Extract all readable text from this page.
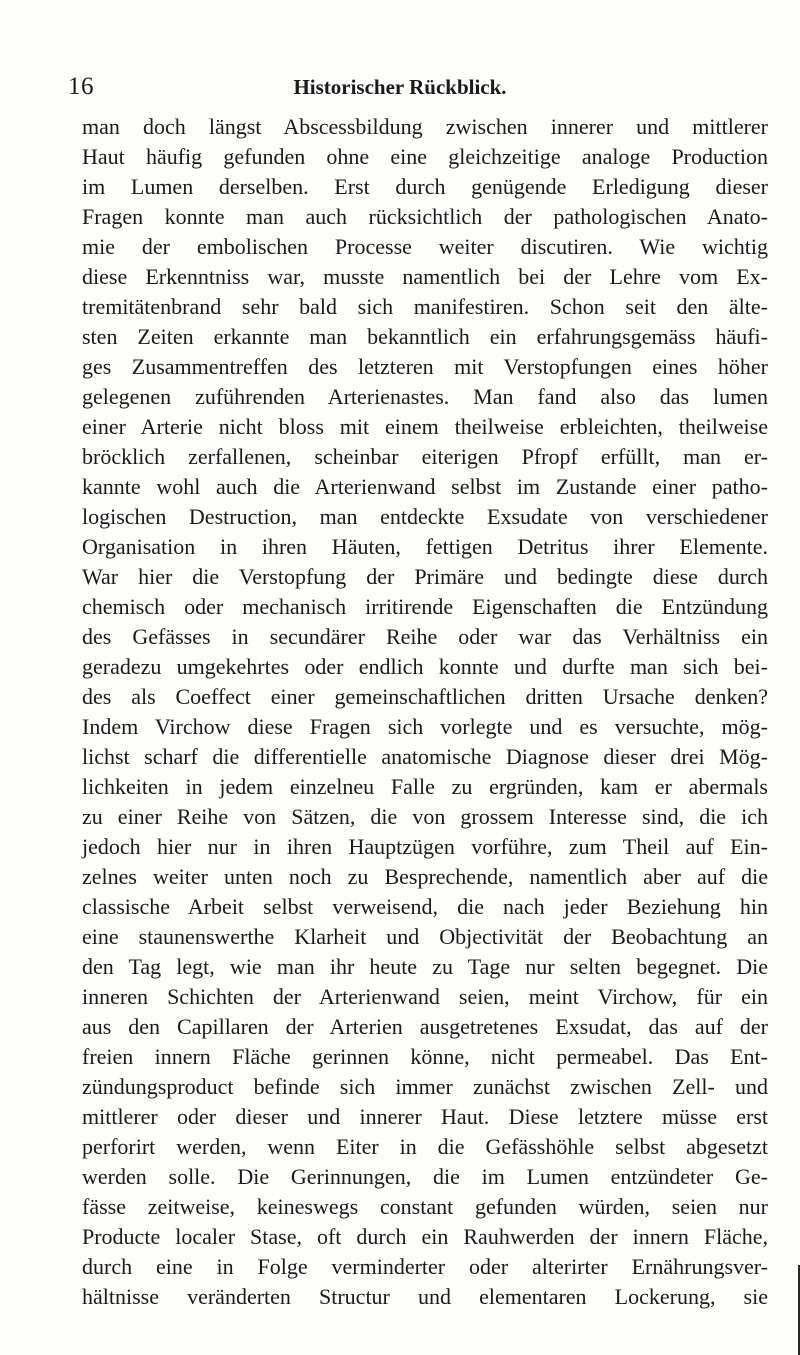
16	Historischer Rückblick.
man doch längst Abscessbildung zwischen innerer und mittlerer
Haut häufig gefunden ohne eine gleichzeitige analoge Production
im Lumen derselben. Erst durch genügende Erledigung dieser
Fragen konnte man auch rücksichtlich der pathologischen Anato-
mie der embolischen Processe weiter discutiren. Wie wichtig
diese Erkenntniss war, musste namentlich bei der Lehre vom Ex-
tremitätenbrand sehr bald sich manifestiren. Schon seit den älte-
sten Zeiten erkannte man bekanntlich ein erfahrungsgemäss häufi-
ges Zusammentreffen des letzteren mit Verstopfungen eines höher
gelegenen zuführenden Arterienastes. Man fand also das lumen
einer Arterie nicht bloss mit einem theilweise erbleichten, theilweise
bröcklich zerfallenen, scheinbar eiterigen Pfropf erfüllt, man er-
kannte wohl auch die Arterienwand selbst im Zustande einer patho-
logischen Destruction, man entdeckte Exsudate von verschiedener
Organisation in ihren Häuten, fettigen Detritus ihrer Elemente.
War hier die Verstopfung der Primäre und bedingte diese durch
chemisch oder mechanisch irritirende Eigenschaften die Entzündung
des Gefässes in secundärer Reihe oder war das Verhältniss ein
geradezu umgekehrtes oder endlich konnte und durfte man sich bei-
des als Coeffect einer gemeinschaftlichen dritten Ursache denken?
Indem Virchow diese Fragen sich vorlegte und es versuchte, mög-
lichst scharf die differentielle anatomische Diagnose dieser drei Mög-
lichkeiten in jedem einzelneu Falle zu ergründen, kam er abermals
zu einer Reihe von Sätzen, die von grossem Interesse sind, die ich
jedoch hier nur in ihren Hauptzügen vorführe, zum Theil auf Ein-
zelnes weiter unten noch zu Besprechende, namentlich aber auf die
classische Arbeit selbst verweisend, die nach jeder Beziehung hin
eine staunenswerthe Klarheit und Objectivität der Beobachtung an
den Tag legt, wie man ihr heute zu Tage nur selten begegnet. Die
inneren Schichten der Arterienwand seien, meint Virchow, für ein
aus den Capillaren der Arterien ausgetretenes Exsudat, das auf der
freien innern Fläche gerinnen könne, nicht permeabel. Das Ent-
zündungsproduct befinde sich immer zunächst zwischen Zell- und
mittlerer oder dieser und innerer Haut. Diese letztere müsse erst
perforirt werden, wenn Eiter in die Gefässhöhle selbst abgesetzt
werden solle. Die Gerinnungen, die im Lumen entzündeter Ge-
fässe zeitweise, keineswegs constant gefunden würden, seien nur
Producte localer Stase, oft durch ein Rauhwerden der innern Fläche,
durch eine in Folge verminderter oder alterirter Ernährungsver-
hältnisse veränderten Structur und elementaren Lockerung, sie
